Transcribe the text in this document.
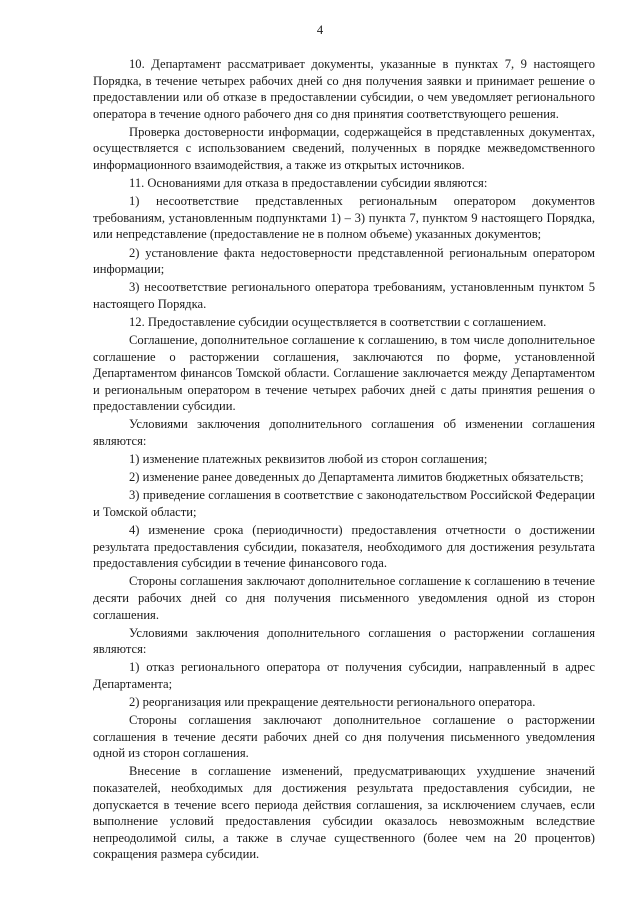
4

10. Департамент рассматривает документы, указанные в пунктах 7, 9 настоящего Порядка, в течение четырех рабочих дней со дня получения заявки и принимает решение о предоставлении или об отказе в предоставлении субсидии, о чем уведомляет регионального оператора в течение одного рабочего дня со дня принятия соответствующего решения.

Проверка достоверности информации, содержащейся в представленных документах, осуществляется с использованием сведений, полученных в порядке межведомственного информационного взаимодействия, а также из открытых источников.

11. Основаниями для отказа в предоставлении субсидии являются:

1) несоответствие представленных региональным оператором документов требованиям, установленным подпунктами 1) – 3) пункта 7, пунктом 9 настоящего Порядка, или непредставление (предоставление не в полном объеме) указанных документов;

2) установление факта недостоверности представленной региональным оператором информации;

3) несоответствие регионального оператора требованиям, установленным пунктом 5 настоящего Порядка.

12. Предоставление субсидии осуществляется в соответствии с соглашением.

Соглашение, дополнительное соглашение к соглашению, в том числе дополнительное соглашение о расторжении соглашения, заключаются по форме, установленной Департаментом финансов Томской области. Соглашение заключается между Департаментом и региональным оператором в течение четырех рабочих дней с даты принятия решения о предоставлении субсидии.

Условиями заключения дополнительного соглашения об изменении соглашения являются:

1) изменение платежных реквизитов любой из сторон соглашения;

2) изменение ранее доведенных до Департамента лимитов бюджетных обязательств;

3) приведение соглашения в соответствие с законодательством Российской Федерации и Томской области;

4) изменение срока (периодичности) предоставления отчетности о достижении результата предоставления субсидии, показателя, необходимого для достижения результата предоставления субсидии в течение финансового года.

Стороны соглашения заключают дополнительное соглашение к соглашению в течение десяти рабочих дней со дня получения письменного уведомления одной из сторон соглашения.

Условиями заключения дополнительного соглашения о расторжении соглашения являются:

1) отказ регионального оператора от получения субсидии, направленный в адрес Департамента;

2) реорганизация или прекращение деятельности регионального оператора.

Стороны соглашения заключают дополнительное соглашение о расторжении соглашения в течение десяти рабочих дней со дня получения письменного уведомления одной из сторон соглашения.

Внесение в соглашение изменений, предусматривающих ухудшение значений показателей, необходимых для достижения результата предоставления субсидии, не допускается в течение всего периода действия соглашения, за исключением случаев, если выполнение условий предоставления субсидии оказалось невозможным вследствие непреодолимой силы, а также в случае существенного (более чем на 20 процентов) сокращения размера субсидии.
